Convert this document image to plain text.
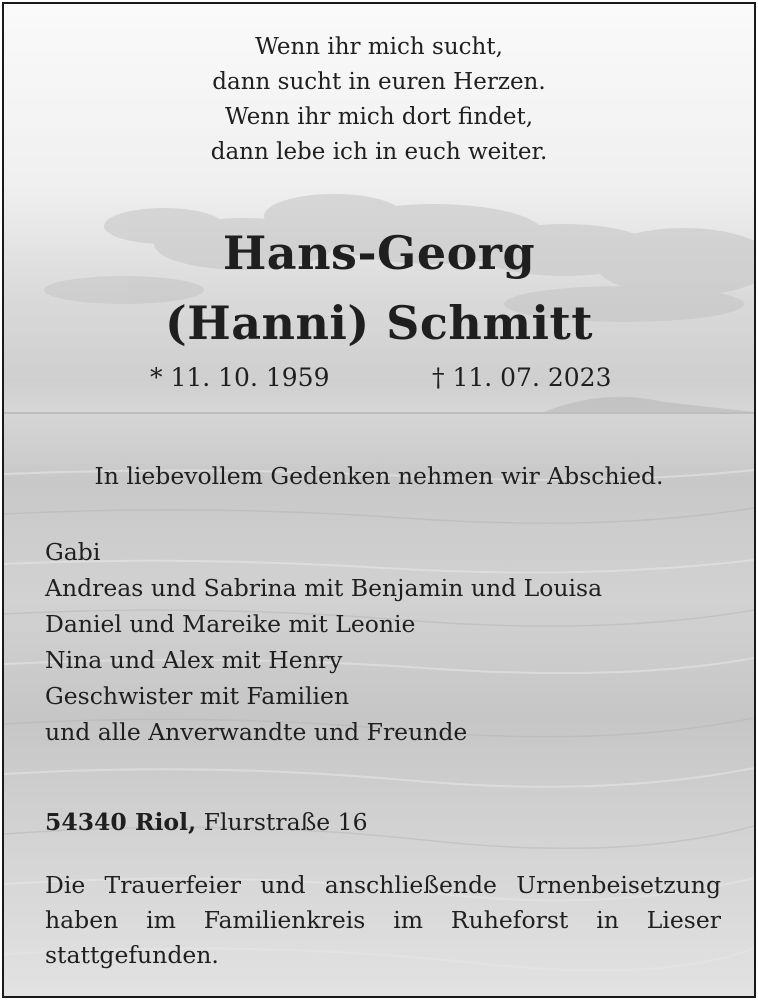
Wenn ihr mich sucht,
dann sucht in euren Herzen.
Wenn ihr mich dort findet,
dann lebe ich in euch weiter.
Hans-Georg
(Hanni) Schmitt
* 11. 10. 1959	† 11. 07. 2023
In liebevollem Gedenken nehmen wir Abschied.
Gabi
Andreas und Sabrina mit Benjamin und Louisa
Daniel und Mareike mit Leonie
Nina und Alex mit Henry
Geschwister mit Familien
und alle Anverwandte und Freunde
54340 Riol, Flurstraße 16
Die Trauerfeier und anschließende Urnenbeisetzung haben im Familienkreis im Ruheforst in Lieser stattgefunden.
